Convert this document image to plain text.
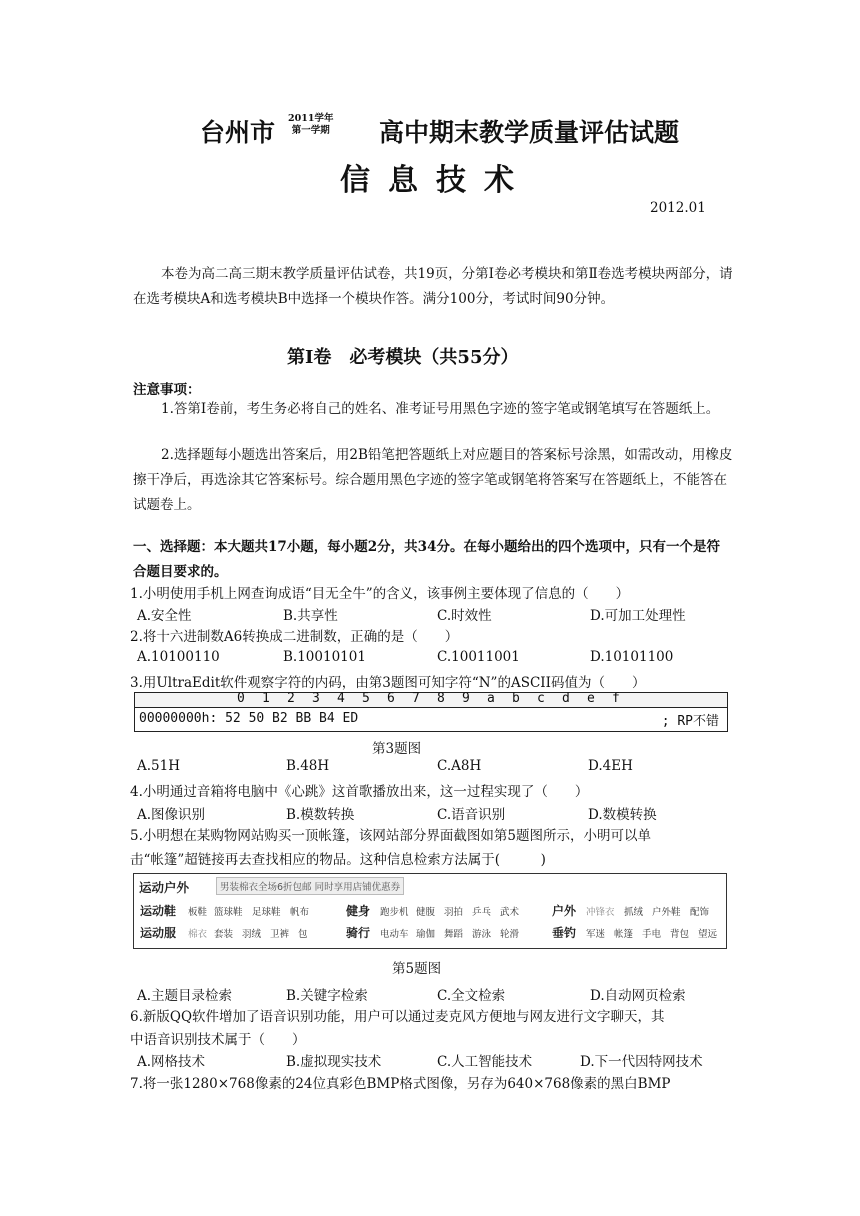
台州市 2011学年
第一学期 高中期末教学质量评估试题
信息技术
2012.01
本卷为高二高三期末教学质量评估试卷，共19页，分第Ⅰ卷必考模块和第Ⅱ卷选考模块两部分，请在选考模块A和选考模块B中选择一个模块作答。满分100分，考试时间90分钟。
第Ⅰ卷　必考模块（共55分）
注意事项：
1.答第Ⅰ卷前，考生务必将自己的姓名、准考证号用黑色字迹的签字笔或钢笔填写在答题纸上。
2.选择题每小题选出答案后，用2B铅笔把答题纸上对应题目的答案标号涂黑，如需改动，用橡皮擦干净后，再选涂其它答案标号。综合题用黑色字迹的签字笔或钢笔将答案写在答题纸上，不能答在试题卷上。
一、选择题：本大题共17小题，每小题2分，共34分。在每小题给出的四个选项中，只有一个是符合题目要求的。
1.小明使用手机上网查询成语“目无全牛”的含义，该事例主要体现了信息的（　　）
A.安全性	B.共享性	C.时效性	D.可加工处理性
2.将十六进制数A6转换成二进制数，正确的是（　　）
A.10100110	B.10010101	C.10011001	D.10101100
3.用UltraEdit软件观察字符的内码，由第3题图可知字符“N”的ASCII码值为（　　）
0 1 2 3 4 5 6 7 8 9 a b c d e f
00000000h: 52 50 B2 BB B4 ED	; RP不错
第3题图
A.51H	B.48H	C.A8H	D.4EH
4.小明通过音箱将电脑中《心跳》这首歌播放出来，这一过程实现了（　　）
A.图像识别	B.模数转换	C.语音识别	D.数模转换
5.小明想在某购物网站购买一顶帐篷，该网站部分界面截图如第5题图所示，小明可以单
击“帐篷”超链接再去查找相应的物品。这种信息检索方法属于(　　　)
运动户外	男装棉衣全场6折包邮 同时享用店铺优惠券
运动鞋 板鞋 篮球鞋 足球鞋 帆布	健身 跑步机 健腹 羽拍 乒乓 武术	户外 冲锋衣 抓绒 户外鞋 配饰
运动服 棉衣 套装 羽绒 卫裤 包	骑行 电动车 瑜伽 舞蹈 游泳 轮滑	垂钓 军迷 帐篷 手电 背包 望远
第5题图
A.主题目录检索	B.关键字检索	C.全文检索	D.自动网页检索
6.新版QQ软件增加了语音识别功能，用户可以通过麦克风方便地与网友进行文字聊天，其
中语音识别技术属于（　　）
A.网格技术	B.虚拟现实技术	C.人工智能技术	D.下一代因特网技术
7.将一张1280×768像素的24位真彩色BMP格式图像，另存为640×768像素的黑白BMP
